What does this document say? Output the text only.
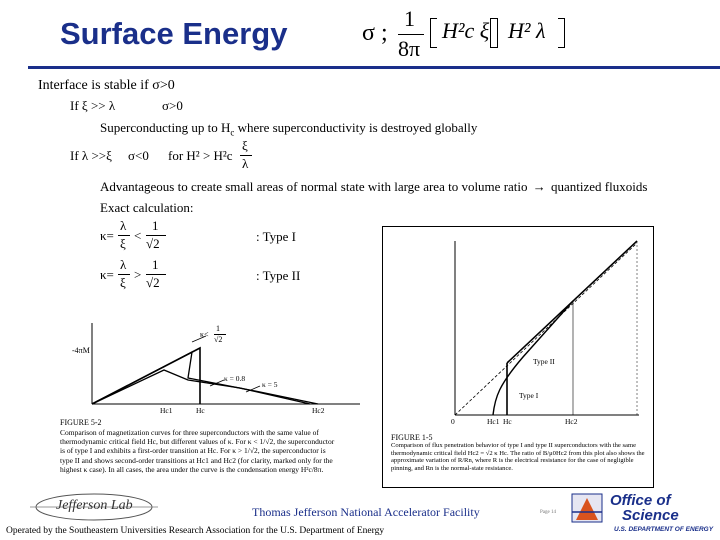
Surface Energy	σ ;
1
8π
H²c ξ H² λ
Interface is stable if σ>0
If ξ >> λ	σ>0
Superconducting up to $H_c$ where superconductivity is destroyed globally
If λ >>ξ σ<0 for H² > H²c
ξ
λ
Advantageous to create small areas of normal state with large area to volume ratio → quantized fluxoids
Exact calculation:
κ=
λ
ξ
<
1
√2	: Type I
κ=
λ
ξ
>
1
√2	: Type II
-4πM
κ<
1
√2
κ = 0.8
κ = 5
Hc1	Hc	Hc2
FIGURE 5-2
Comparison of magnetization curves for three superconductors with the same value of thermodynamic critical field Hc, but different values of κ. For κ < 1/√2, the superconductor is of type I and exhibits a first-order transition at Hc. For κ > 1/√2, the superconductor is type II and shows second-order transitions at Hc1 and Hc2 (for clarity, marked only for the highest κ case). In all cases, the area under the curve is the condensation energy H²c/8π.
Type II
Type I
0	Hc1 Hc	Hc2
FIGURE 1-5
Comparison of flux penetration behavior of type I and type II superconductors with the same thermodynamic critical field Hc2 = √2 κ Hc. The ratio of B/μ0Hc2 from this plot also shows the approximate variation of R/Rn, where R is the electrical resistance for the case of negligible pinning, and Rn is the normal-state resistance.
Jefferson Lab	Thomas Jefferson National Accelerator Facility	Page 14
Office of
Science
U.S. DEPARTMENT OF ENERGY
Operated by the Southeastern Universities Research Association for the U.S. Department of Energy
